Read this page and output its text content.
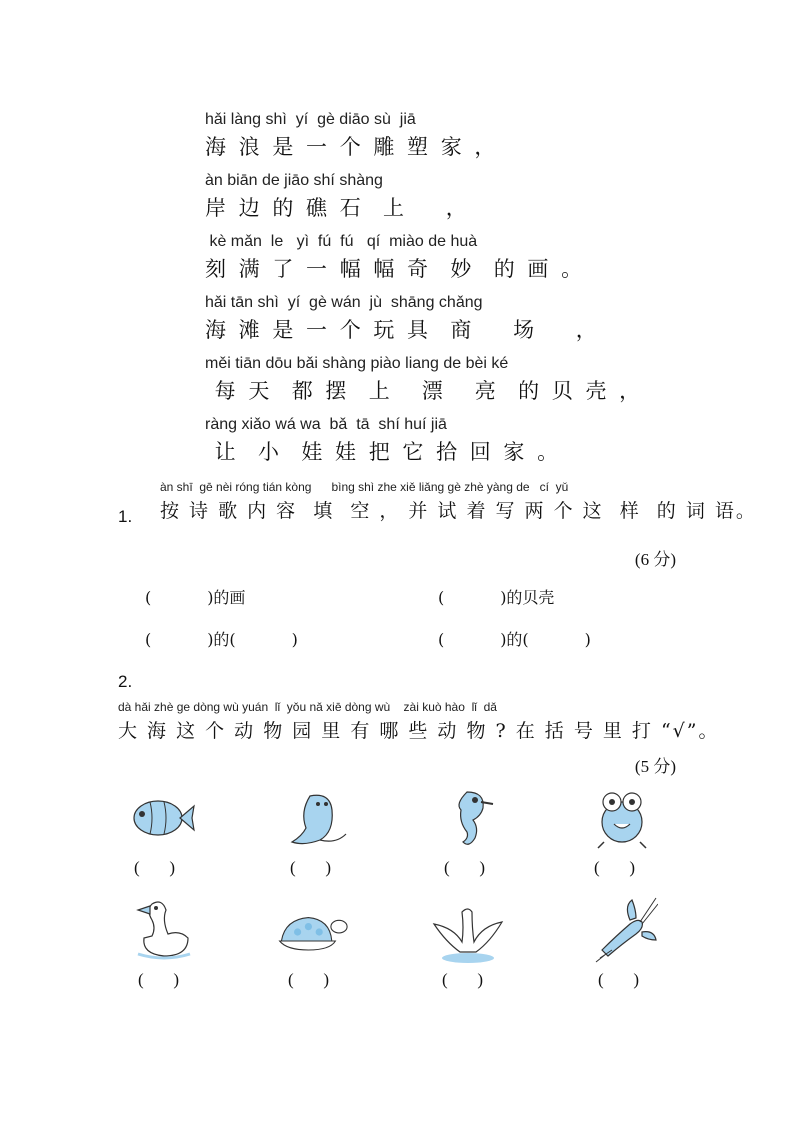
hǎi làng shì  yí  gè diāo sù  jiā
海 浪 是 一 个 雕 塑 家 ，
àn biān de jiāo shí shàng
岸 边 的 礁 石  上    ，
kè mǎn  le   yì  fú  fú   qí  miào de huà
刻 满 了 一 幅 幅 奇  妙  的 画 。
hǎi tān shì  yí  gè wán  jù  shāng chǎng
海 滩 是 一 个 玩 具  商    场    ，
měi tiān dōu bǎi shàng piào liang de bèi ké
每 天  都 摆  上   漂   亮  的 贝 壳 ，
ràng xiǎo wá wa  bǎ  tā  shí huí jiā
让  小  娃 娃 把 它 拾 回 家 。
1.
àn shī  gē nèi róng tián kòng      bìng shì zhe xiě liǎng gè zhè yàng de   cí  yǔ
按 诗 歌 内 容  填  空 ， 并 试 着 写 两 个 这  样  的 词 语。
(6 分)
(           )的画	(           )的贝壳
(           )的(           )	(           )的(           )
2.
dà hǎi zhè ge dòng wù yuán  lǐ  yǒu nǎ xiē dòng wù    zài kuò hào  lǐ  dǎ
大 海 这 个 动 物 园 里 有 哪 些 动 物 ? 在 括 号 里 打 “√”。
(5 分)
(       )	(       )	(       )	(       )
(       )	(       )	(       )	(       )
